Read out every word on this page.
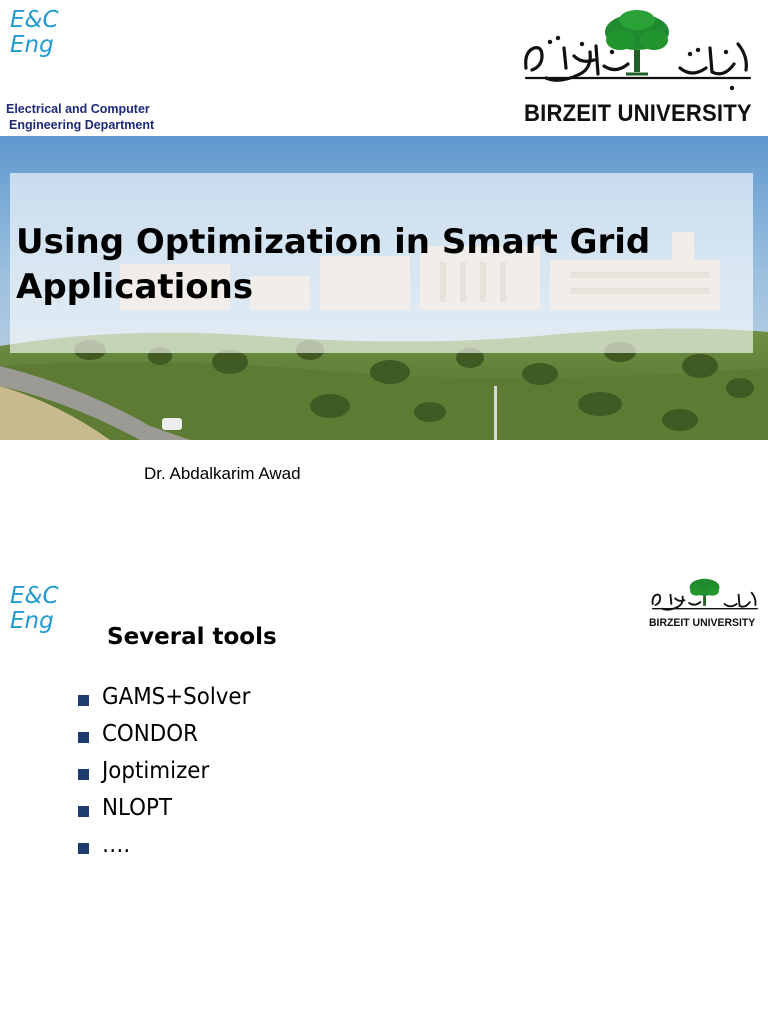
E&C
Eng
Electrical and Computer
Engineering Department	BIRZEIT UNIVERSITY
Using Optimization in Smart Grid
Applications
Dr. Abdalkarim Awad
E&C
Eng	BIRZEIT UNIVERSITY
Several tools
GAMS+Solver
CONDOR
Joptimizer
NLOPT
….
